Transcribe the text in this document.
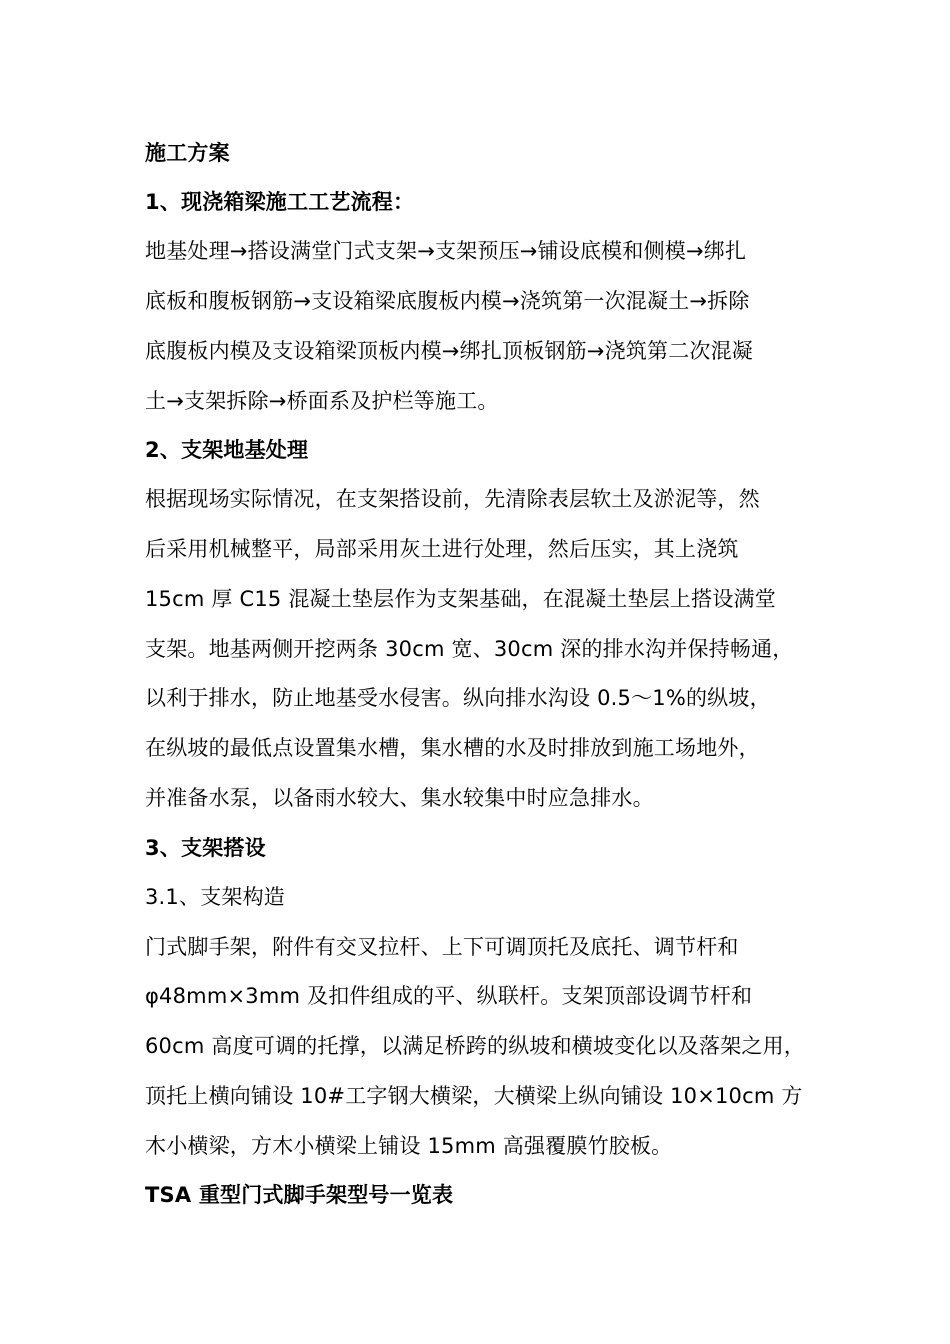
施工方案
1、现浇箱梁施工工艺流程：
地基处理→搭设满堂门式支架→支架预压→铺设底模和侧模→绑扎
底板和腹板钢筋→支设箱梁底腹板内模→浇筑第一次混凝土→拆除
底腹板内模及支设箱梁顶板内模→绑扎顶板钢筋→浇筑第二次混凝
土→支架拆除→桥面系及护栏等施工。
2、支架地基处理
根据现场实际情况，在支架搭设前，先清除表层软土及淤泥等，然
后采用机械整平，局部采用灰土进行处理，然后压实，其上浇筑
15cm 厚 C15 混凝土垫层作为支架基础，在混凝土垫层上搭设满堂
支架。地基两侧开挖两条 30cm 宽、30cm 深的排水沟并保持畅通，
以利于排水，防止地基受水侵害。纵向排水沟设 0.5～1%的纵坡，
在纵坡的最低点设置集水槽，集水槽的水及时排放到施工场地外，
并准备水泵，以备雨水较大、集水较集中时应急排水。
3、支架搭设
3.1、支架构造
门式脚手架，附件有交叉拉杆、上下可调顶托及底托、调节杆和
φ48mm×3mm 及扣件组成的平、纵联杆。支架顶部设调节杆和
60cm 高度可调的托撑，以满足桥跨的纵坡和横坡变化以及落架之用，
顶托上横向铺设 10#工字钢大横梁，大横梁上纵向铺设 10×10cm 方
木小横梁，方木小横梁上铺设 15mm 高强覆膜竹胶板。
TSA 重型门式脚手架型号一览表
